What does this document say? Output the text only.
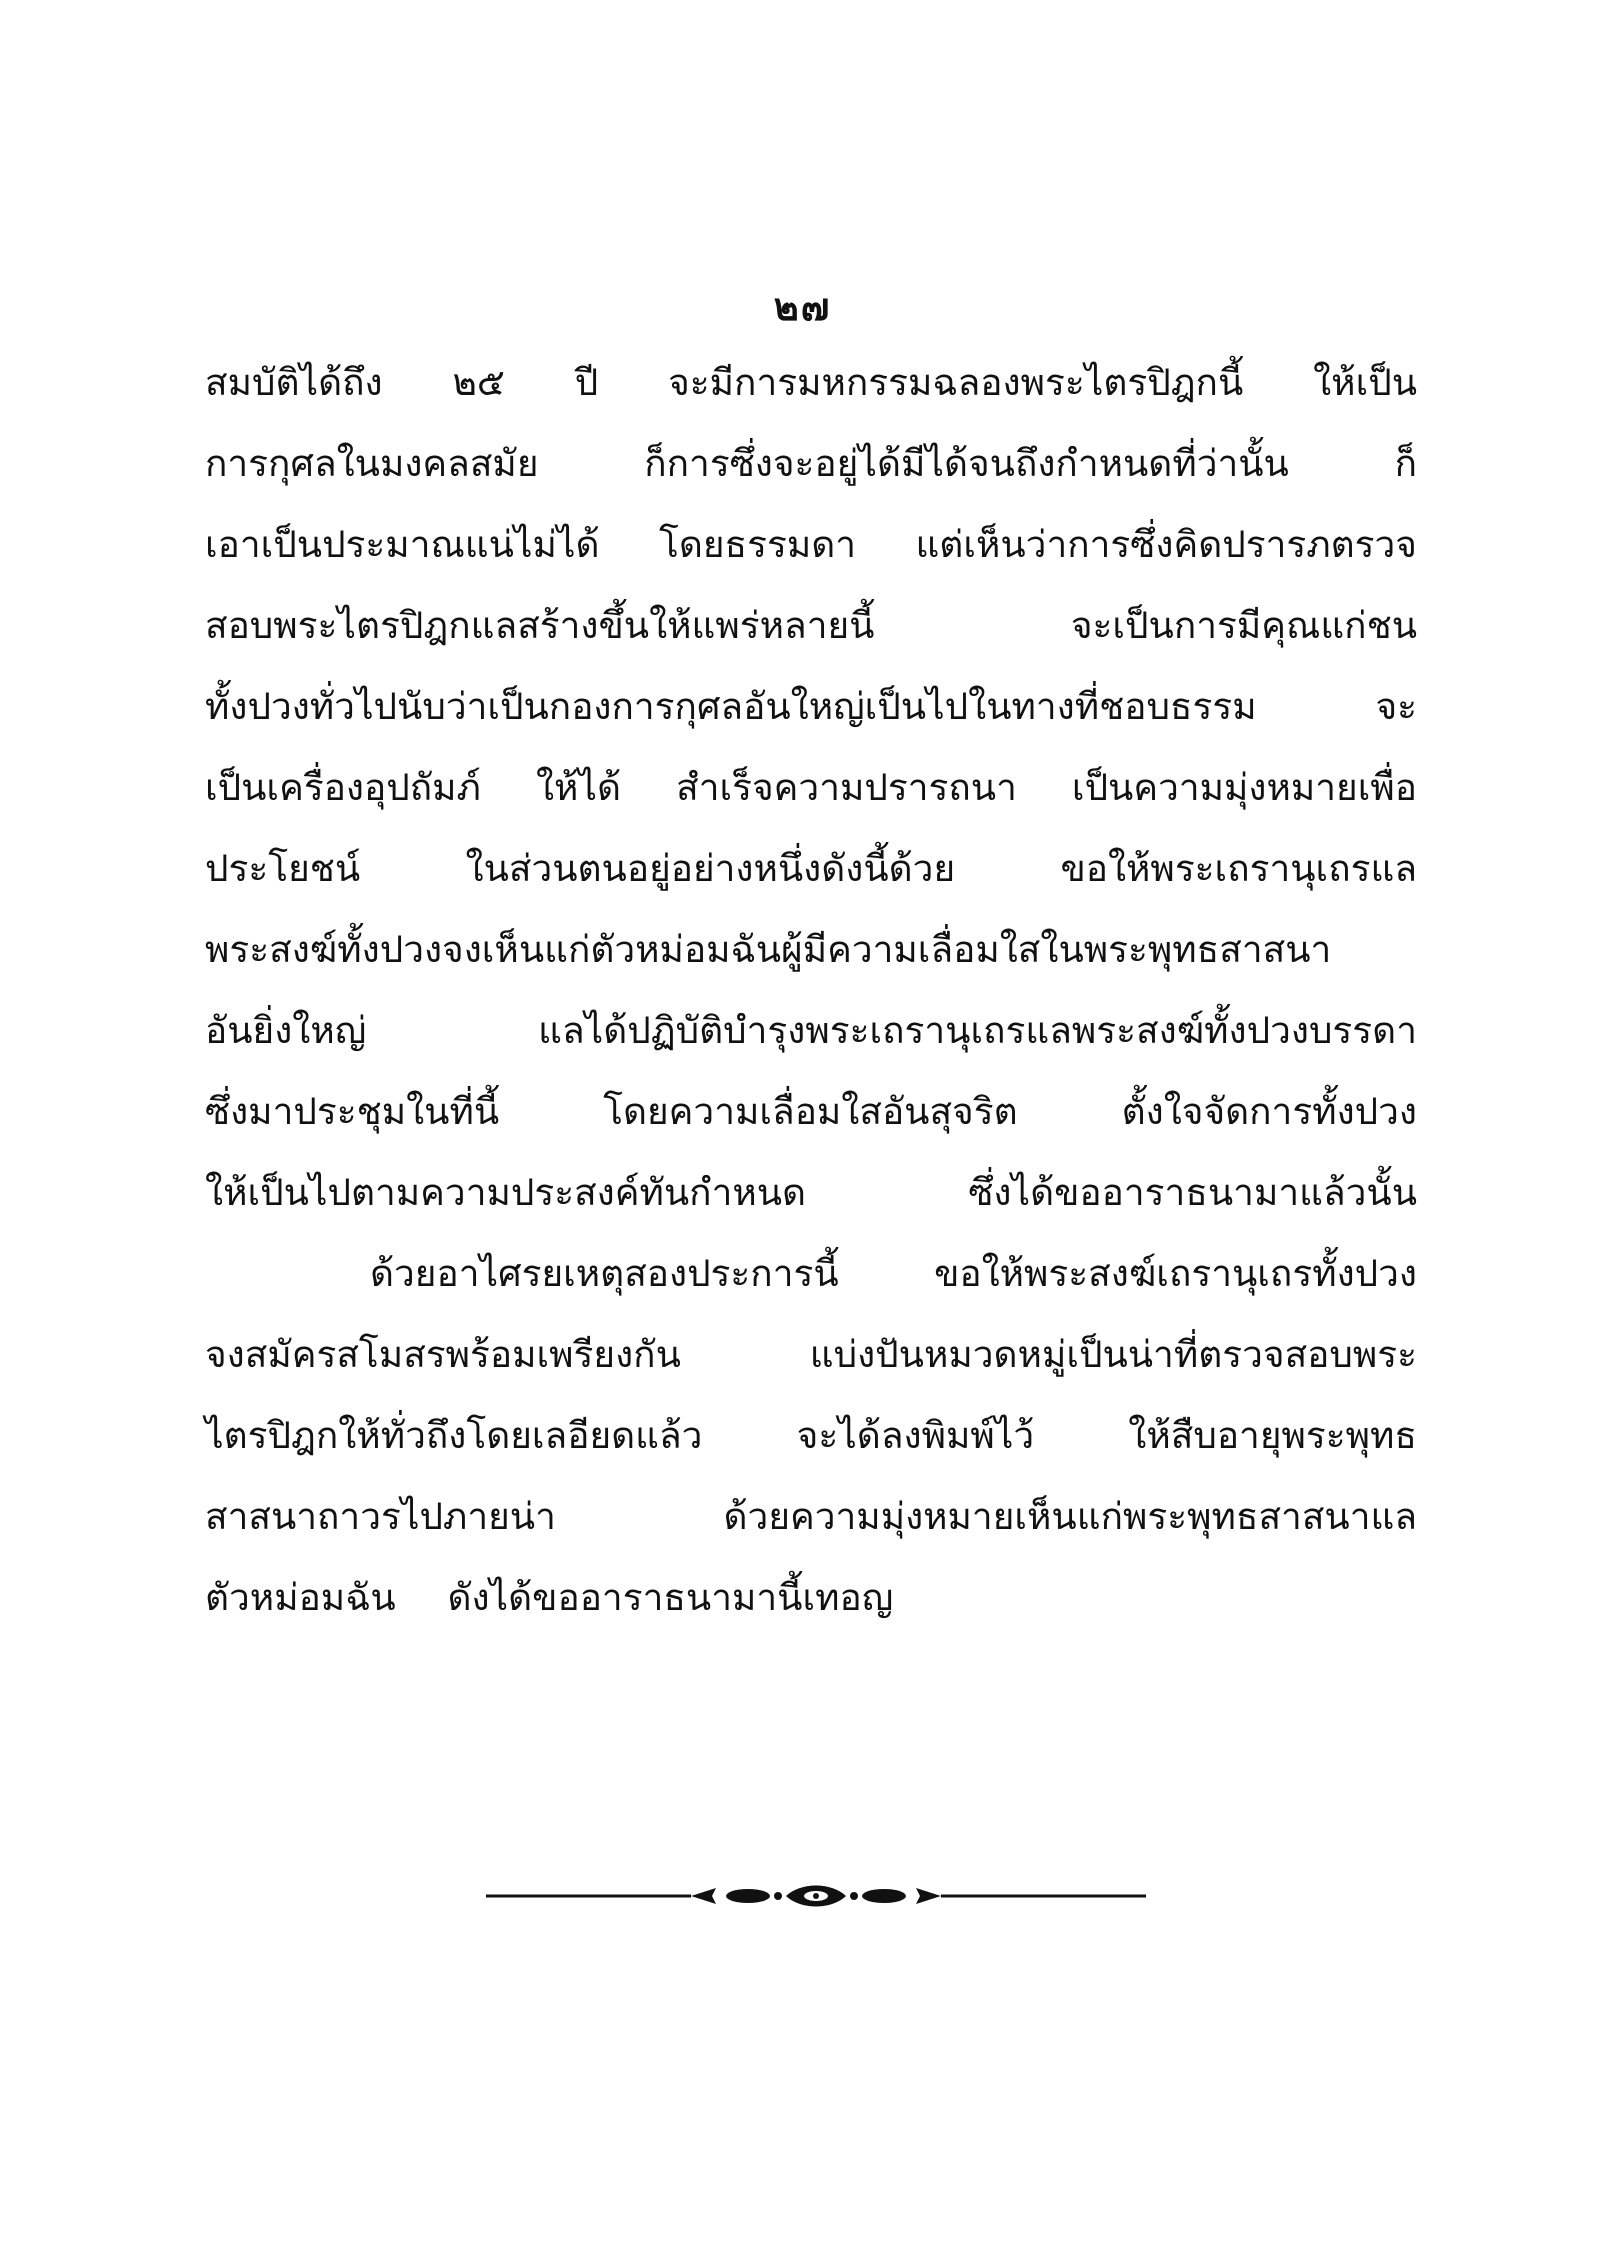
๒๗
สมบัติได้ถึง ๒๕ ปี จะมีการมหกรรมฉลองพระไตรปิฎกนี้ ให้เป็น
การกุศลในมงคลสมัย ก็การซึ่งจะอยู่ได้มีได้จนถึงกำหนดที่ว่านั้น ก็
เอาเป็นประมาณแน่ไม่ได้ โดยธรรมดา แต่เห็นว่าการซึ่งคิดปรารภตรวจ
สอบพระไตรปิฎกแลสร้างขึ้นให้แพร่หลายนี้ จะเป็นการมีคุณแก่ชน
ทั้งปวงทั่วไปนับว่าเป็นกองการกุศลอันใหญ่เป็นไปในทางที่ชอบธรรม จะ
เป็นเครื่องอุปถัมภ์ ให้ได้ สำเร็จความปรารถนา เป็นความมุ่งหมายเพื่อ
ประโยชน์ ในส่วนตนอยู่อย่างหนึ่งดังนี้ด้วย ขอให้พระเถรานุเถรแล
พระสงฆ์ทั้งปวงจงเห็นแก่ตัวหม่อมฉันผู้มีความเลื่อมใสในพระพุทธสาสนา
อันยิ่งใหญ่ แลได้ปฏิบัติบำรุงพระเถรานุเถรแลพระสงฆ์ทั้งปวงบรรดา
ซึ่งมาประชุมในที่นี้ โดยความเลื่อมใสอันสุจริต ตั้งใจจัดการทั้งปวง
ให้เป็นไปตามความประสงค์ทันกำหนด ซึ่งได้ขออาราธนามาแล้วนั้น
ด้วยอาไศรยเหตุสองประการนี้ ขอให้พระสงฆ์เถรานุเถรทั้งปวง
จงสมัครสโมสรพร้อมเพรียงกัน แบ่งปันหมวดหมู่เป็นน่าที่ตรวจสอบพระ
ไตรปิฎกให้ทั่วถึงโดยเลอียดแล้ว จะได้ลงพิมพ์ไว้ ให้สืบอายุพระพุทธ
สาสนาถาวรไปภายน่า ด้วยความมุ่งหมายเห็นแก่พระพุทธสาสนาแล
ตัวหม่อมฉัน ดังได้ขออาราธนามานี้เทอญ
